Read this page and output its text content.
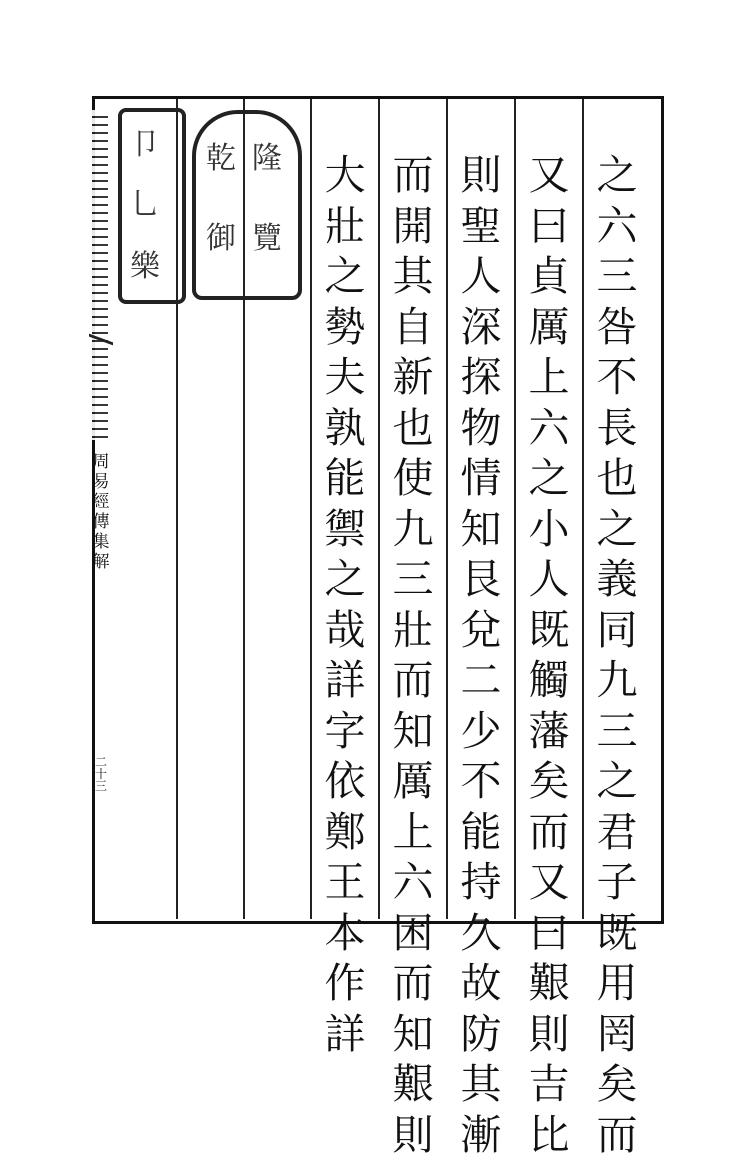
卩
乚
樂
乾 隆
御 覽
周易經傳集解
二十三
之六三咎不長也之義同九三之君子既用罔矣而
又曰貞厲上六之小人既觸藩矣而又曰艱則吉比
則聖人深探物情知艮兌二少不能持久故防其漸
而開其自新也使九三壯而知厲上六困而知艱則
大壯之勢夫孰能禦之哉詳字依鄭王本作詳
